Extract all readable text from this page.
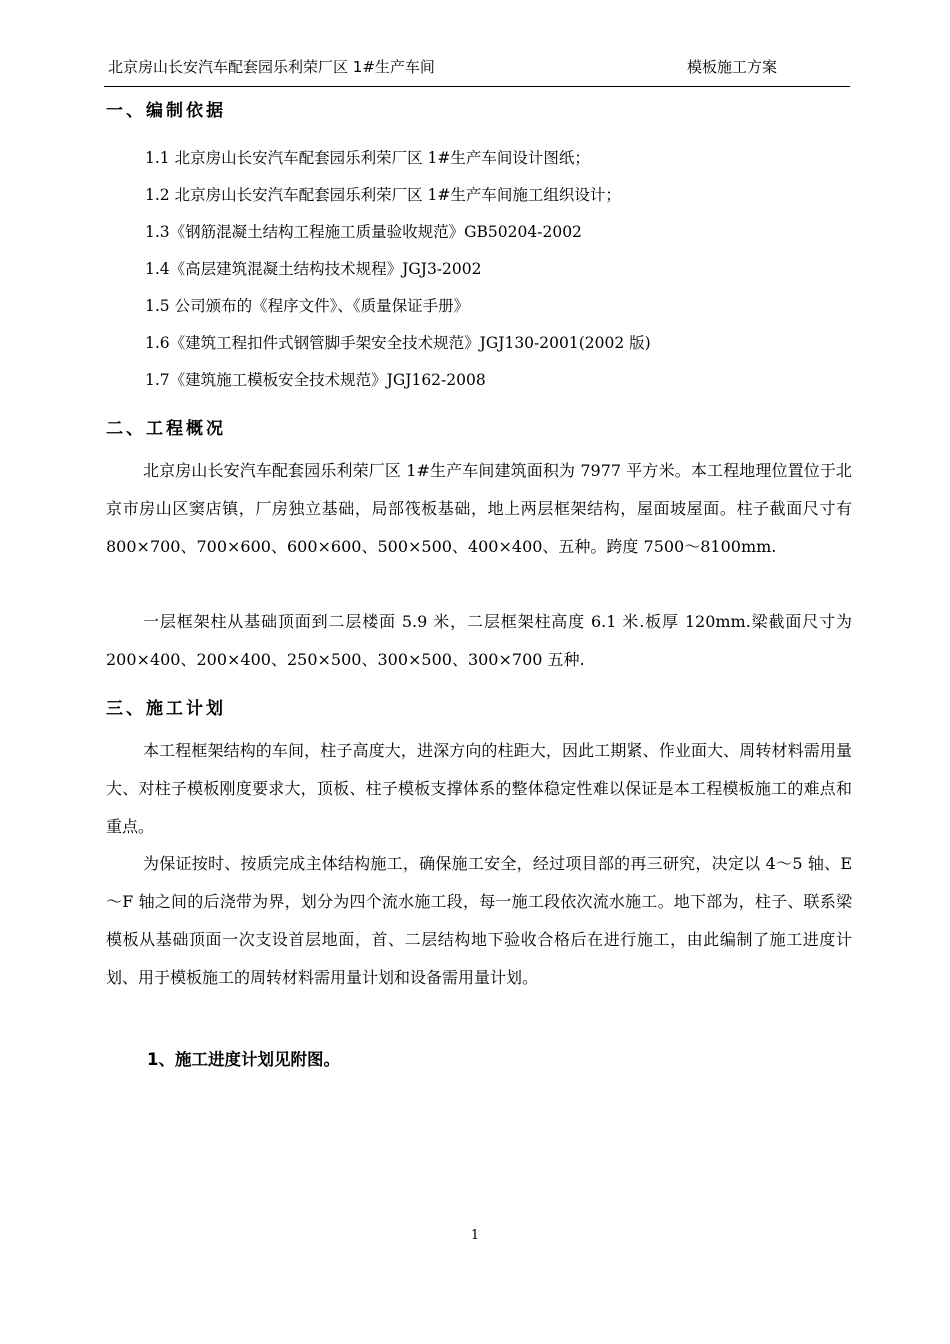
北京房山长安汽车配套园乐利荣厂区 1#生产车间	模板施工方案
一、编制依据
1.1 北京房山长安汽车配套园乐利荣厂区 1#生产车间设计图纸；
1.2 北京房山长安汽车配套园乐利荣厂区 1#生产车间施工组织设计；
1.3《钢筋混凝土结构工程施工质量验收规范》GB50204-2002
1.4《高层建筑混凝土结构技术规程》JGJ3-2002
1.5 公司颁布的《程序文件》、《质量保证手册》
1.6《建筑工程扣件式钢管脚手架安全技术规范》JGJ130-2001(2002 版)
1.7《建筑施工模板安全技术规范》JGJ162-2008
二、工程概况
北京房山长安汽车配套园乐利荣厂区 1#生产车间建筑面积为 7977 平方米。本工程地理位置位于北京市房山区窦店镇，厂房独立基础，局部筏板基础，地上两层框架结构，屋面坡屋面。柱子截面尺寸有 800×700、700×600、600×600、500×500、400×400、五种。跨度 7500～8100mm.
一层框架柱从基础顶面到二层楼面 5.9 米，二层框架柱高度 6.1 米.板厚 120mm.梁截面尺寸为 200×400、200×400、250×500、300×500、300×700 五种.
三、施工计划
本工程框架结构的车间，柱子高度大，进深方向的柱距大，因此工期紧、作业面大、周转材料需用量大、对柱子模板刚度要求大，顶板、柱子模板支撑体系的整体稳定性难以保证是本工程模板施工的难点和重点。
为保证按时、按质完成主体结构施工，确保施工安全，经过项目部的再三研究，决定以 4～5 轴、E～F 轴之间的后浇带为界，划分为四个流水施工段，每一施工段依次流水施工。地下部为，柱子、联系梁模板从基础顶面一次支设首层地面，首、二层结构地下验收合格后在进行施工，由此编制了施工进度计划、用于模板施工的周转材料需用量计划和设备需用量计划。
1、施工进度计划见附图。
1
